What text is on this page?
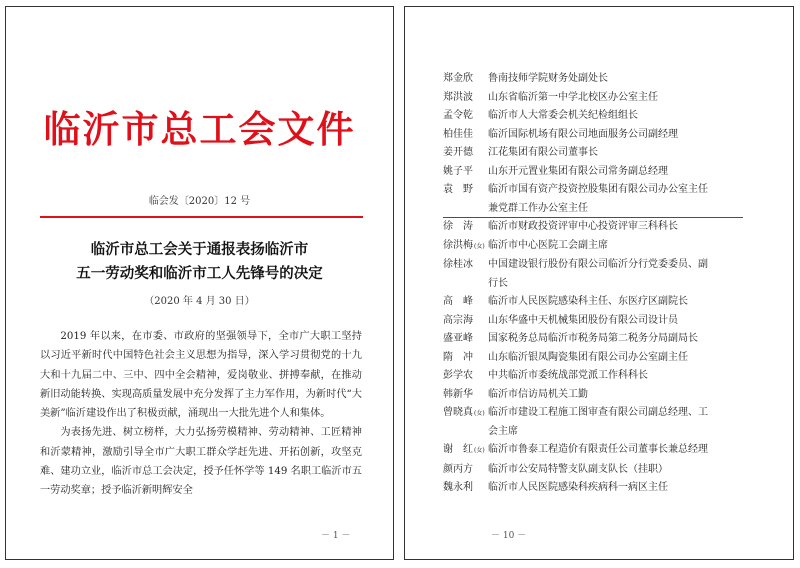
临沂市总工会文件
临会发〔2020〕12 号
临沂市总工会关于通报表扬临沂市
五一劳动奖和临沂市工人先锋号的决定
（2020 年 4 月 30 日）

2019 年以来，在市委、市政府的坚强领导下，全市广大职工坚持以习近平新时代中国特色社会主义思想为指导，深入学习贯彻党的十九大和十九届二中、三中、四中全会精神，爱岗敬业、拼搏奉献，在推动新旧动能转换、实现高质量发展中充分发挥了主力军作用，为新时代“大美新”临沂建设作出了积极贡献，涌现出一大批先进个人和集体。

为表扬先进、树立榜样，大力弘扬劳模精神、劳动精神、工匠精神和沂蒙精神，激励引导全市广大职工群众学赶先进、开拓创新，攻坚克难、建功立业，临沂市总工会决定，授予任怀学等 149 名职工临沂市五一劳动奖章；授予临沂新明辉安全

－ 1 －
郑金欣	鲁南技师学院财务处副处长
郑洪波	山东省临沂第一中学北校区办公室主任
孟令乾	临沂市人大常委会机关纪检组组长
柏佳佳	临沂国际机场有限公司地面服务公司副经理
姜开德	江花集团有限公司董事长
姚子平	山东开元置业集团有限公司常务副总经理
袁　野	临沂市国有资产投资控股集团有限公司办公室主任
兼党群工作办公室主任
徐　涛	临沂市财政投资评审中心投资评审三科科长
徐洪梅(女) 临沂市中心医院工会副主席
徐桂冰	中国建设银行股份有限公司临沂分行党委委员、副
行长
高　峰	临沂市人民医院感染科主任、东医疗区副院长
高宗海	山东华盛中天机械集团股份有限公司设计员
盛亚峰	国家税务总局临沂市税务局第二税务分局副局长
隋　冲	山东临沂银凤陶瓷集团有限公司办公室副主任
彭学农	中共临沂市委统战部党派工作科科长
韩新华	临沂市信访局机关工勤
曾晓真(女) 临沂市建设工程施工图审查有限公司副总经理、工
会主席
谢　红(女) 临沂市鲁泰工程造价有限责任公司董事长兼总经理
颜丙方	临沂市公安局特警支队副支队长（挂职）
魏永利	临沂市人民医院感染科疾病科一病区主任
－ 10 －
